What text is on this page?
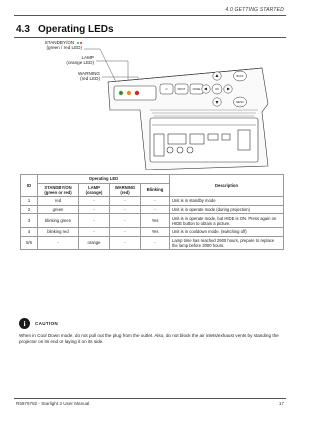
4.0 GETTING STARTED
4.3 Operating LEDs
STANDBY/ON
(green / red LED)
LAMP
(orange LED)
WARNING
(red LED)
⏻	INPUT	MODE	OK
BACK
MENU
ID	Operating LED				Description
	STANDBY/ON (green or red)	LAMP (orange)	WARNING (red)	Blinking	
1	red	-	-	-	Unit is in standby mode
2	green	-	-	-	Unit is in operate mode (during projection)
3	blinking green	-	-	Yes	Unit is in operate mode, but HIDE is ON. Press again on HIDE button to obtain a picture.
4	blinking red	-	-	Yes	Unit is in cooldown mode. (switching off)
5/6	-	orange	-	-	Lamp time has reached 2900 hours, prepare to replace the lamp before 3000 hours.
i	CAUTION
When in Cool Down mode, do not pull out the plug from the outlet. Also, do not block the air inlets/exhaust vents by standing the projector on its end or laying it on its side.
R5976782 - Starlight 3 User Manual	17
